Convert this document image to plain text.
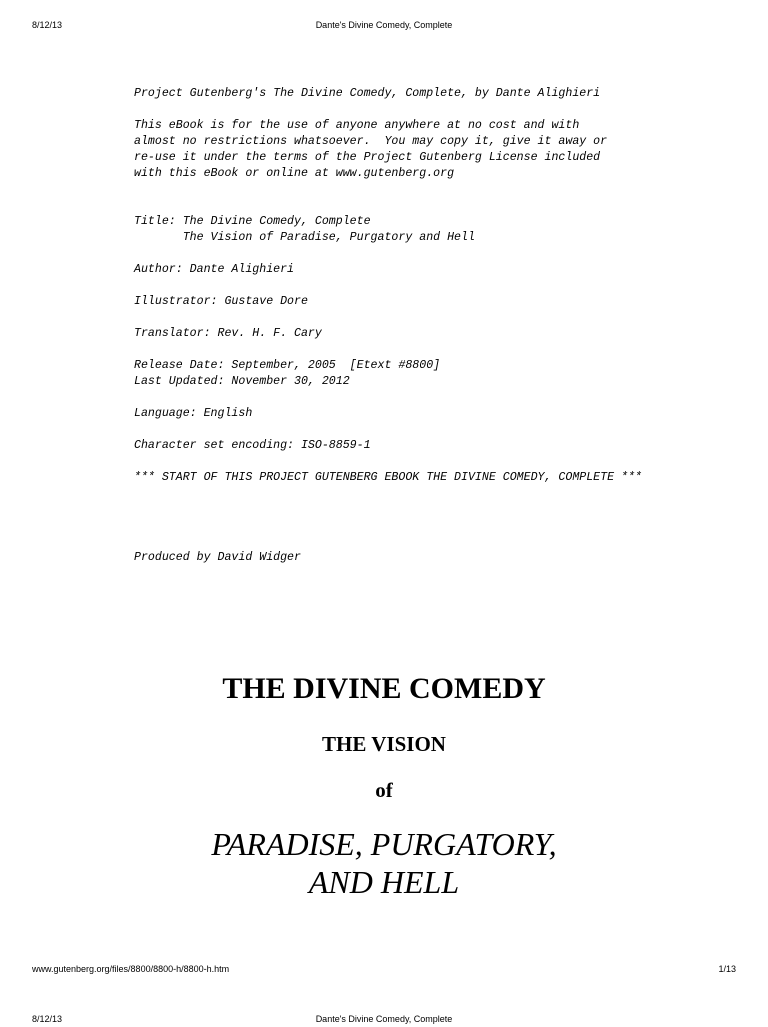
8/12/13	Dante's Divine Comedy, Complete
Project Gutenberg's The Divine Comedy, Complete, by Dante Alighieri
This eBook is for the use of anyone anywhere at no cost and with
almost no restrictions whatsoever.  You may copy it, give it away or
re-use it under the terms of the Project Gutenberg License included
with this eBook or online at www.gutenberg.org
Title: The Divine Comedy, Complete
The Vision of Paradise, Purgatory and Hell
Author: Dante Alighieri
Illustrator: Gustave Dore
Translator: Rev. H. F. Cary
Release Date: September, 2005  [Etext #8800]
Last Updated: November 30, 2012
Language: English
Character set encoding: ISO-8859-1
*** START OF THIS PROJECT GUTENBERG EBOOK THE DIVINE COMEDY, COMPLETE ***
Produced by David Widger
THE DIVINE COMEDY
THE VISION
of
PARADISE, PURGATORY,
AND HELL
www.gutenberg.org/files/8800/8800-h/8800-h.htm	1/13
8/12/13	Dante's Divine Comedy, Complete
